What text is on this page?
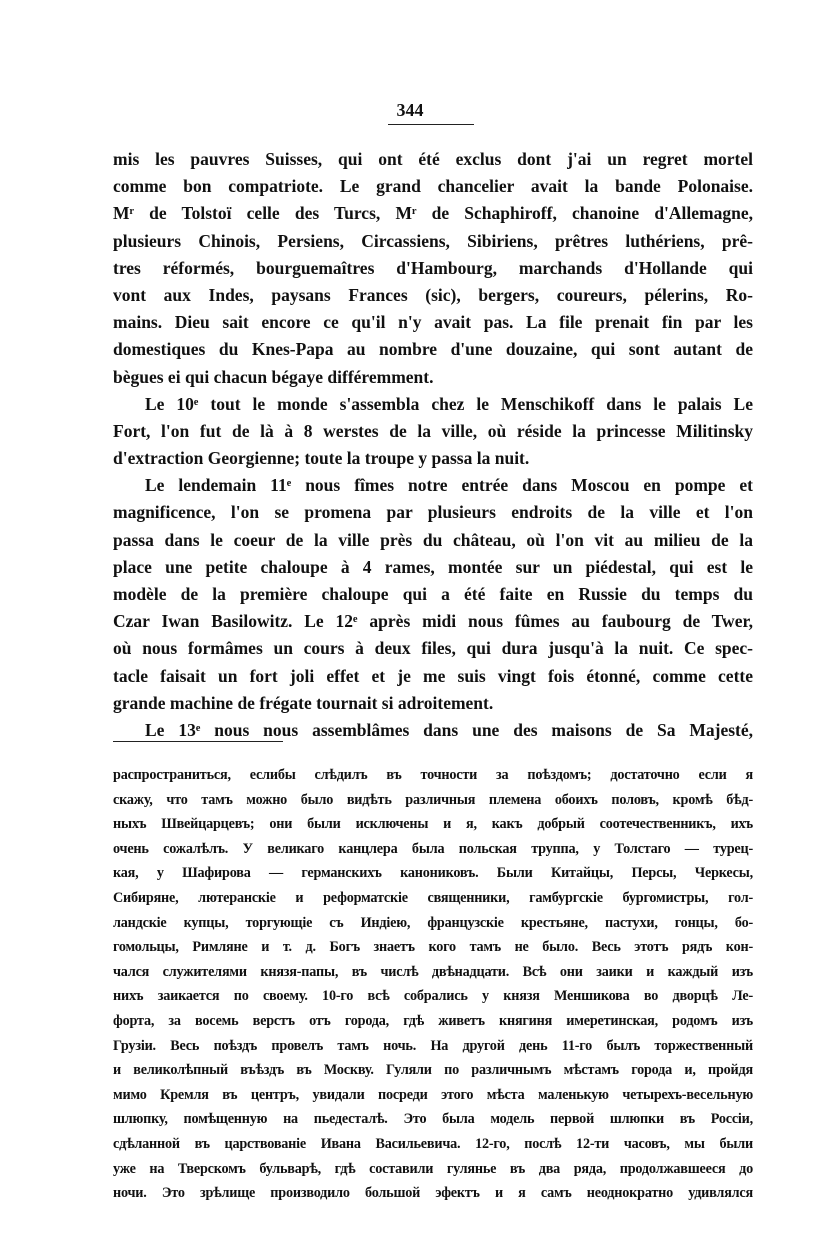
344
mis les pauvres Suisses, qui ont été exclus dont j'ai un regret mortel
comme bon compatriote. Le grand chancelier avait la bande Polonaise.
Mʳ de Tolstoï celle des Turcs, Mʳ de Schaphiroff, chanoine d'Allemagne,
plusieurs Chinois, Persiens, Circassiens, Sibiriens, prêtres luthériens, prê-
tres réformés, bourguemaîtres d'Hambourg, marchands d'Hollande qui
vont aux Indes, paysans Frances (sic), bergers, coureurs, pélerins, Ro-
mains. Dieu sait encore ce qu'il n'y avait pas. La file prenait fin par les
domestiques du Knes-Papa au nombre d'une douzaine, qui sont autant de
bègues ei qui chacun bégaye différemment.
Le 10ᵉ tout le monde s'assembla chez le Menschikoff dans le palais Le
Fort, l'on fut de là à 8 werstes de la ville, où réside la princesse Militinsky
d'extraction Georgienne; toute la troupe y passa la nuit.
Le lendemain 11ᵉ nous fîmes notre entrée dans Moscou en pompe et
magnificence, l'on se promena par plusieurs endroits de la ville et l'on
passa dans le coeur de la ville près du château, où l'on vit au milieu de la
place une petite chaloupe à 4 rames, montée sur un piédestal, qui est le
modèle de la première chaloupe qui a été faite en Russie du temps du
Czar Iwan Basilowitz. Le 12ᵉ après midi nous fûmes au faubourg de Twer,
où nous formâmes un cours à deux files, qui dura jusqu'à la nuit. Ce spec-
tacle faisait un fort joli effet et je me suis vingt fois étonné, comme cette
grande machine de frégate tournait si adroitement.
Le 13ᵉ nous nous assemblâmes dans une des maisons de Sa Majesté,
распространиться, еслибы слѣдилъ въ точности за поѣздомъ; достаточно если я
скажу, что тамъ можно было видѣть различныя племена обоихъ половъ, кромѣ бѣд-
ныхъ Швейцарцевъ; они были исключены и я, какъ добрый соотечественникъ, ихъ
очень сожалѣлъ. У великаго канцлера была польская труппа, у Толстаго — турец-
кая, у Шафирова — германскихъ канониковъ. Были Китайцы, Персы, Черкесы,
Сибиряне, лютеранскіе и реформатскіе священники, гамбургскіе бургомистры, гол-
ландскіе купцы, торгующіе съ Индіею, французскіе крестьяне, пастухи, гонцы, бо-
гомольцы, Римляне и т. д. Богъ знаетъ кого тамъ не было. Весь этотъ рядъ кон-
чался служителями князя-папы, въ числѣ двѣнадцати. Всѣ они заики и каждый изъ
нихъ заикается по своему. 10-го всѣ собрались у князя Меншикова во дворцѣ Ле-
форта, за восемь верстъ отъ города, гдѣ живетъ княгиня имеретинская, родомъ изъ
Грузіи. Весь поѣздъ провелъ тамъ ночь. На другой день 11-го былъ торжественный
и великолѣпный въѣздъ въ Москву. Гуляли по различнымъ мѣстамъ города и, пройдя
мимо Кремля въ центръ, увидали посреди этого мѣста маленькую четырехъ-весельную
шлюпку, помѣщенную на пьедесталѣ. Это была модель первой шлюпки въ Россіи,
сдѣланной въ царствованіе Ивана Васильевича. 12-го, послѣ 12-ти часовъ, мы были
уже на Тверскомъ бульварѣ, гдѣ составили гулянье въ два ряда, продолжавшееся до
ночи. Это зрѣлище производило большой эфектъ и я самъ неоднократно удивлялся
